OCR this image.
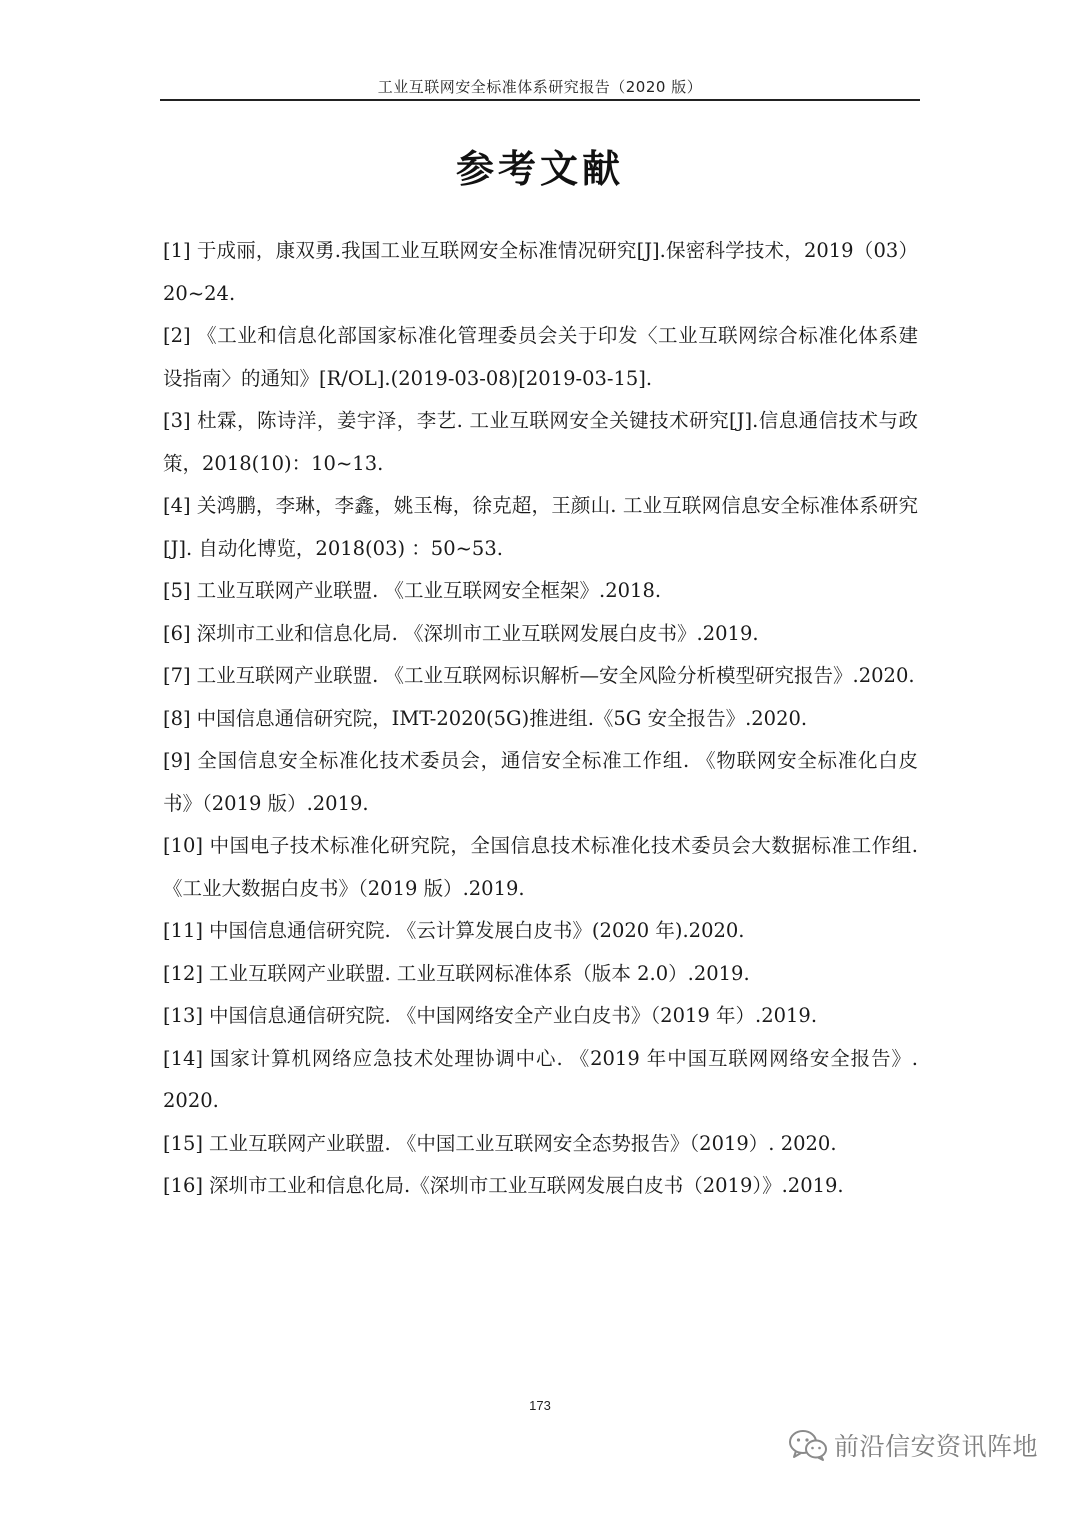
工业互联网安全标准体系研究报告（2020 版）
参考文献
[1] 于成丽，康双勇.我国工业互联网安全标准情况研究[J].保密科学技术，2019（03）20~24.
[2] 《工业和信息化部国家标准化管理委员会关于印发〈工业互联网综合标准化体系建设指南〉的通知》[R/OL].(2019-03-08)[2019-03-15].
[3] 杜霖，陈诗洋，姜宇泽，李艺. 工业互联网安全关键技术研究[J].信息通信技术与政策，2018(10)：10~13.
[4] 关鸿鹏，李琳，李鑫，姚玉梅，徐克超，王颜山. 工业互联网信息安全标准体系研究[J]. 自动化博览，2018(03) ：50~53.
[5] 工业互联网产业联盟. 《工业互联网安全框架》.2018.
[6] 深圳市工业和信息化局. 《深圳市工业互联网发展白皮书》.2019.
[7] 工业互联网产业联盟. 《工业互联网标识解析—安全风险分析模型研究报告》.2020.
[8] 中国信息通信研究院，IMT-2020(5G)推进组.《5G 安全报告》.2020.
[9] 全国信息安全标准化技术委员会，通信安全标准工作组. 《物联网安全标准化白皮书》（2019 版）.2019.
[10] 中国电子技术标准化研究院，全国信息技术标准化技术委员会大数据标准工作组. 《工业大数据白皮书》（2019 版）.2019.
[11] 中国信息通信研究院. 《云计算发展白皮书》(2020 年).2020.
[12] 工业互联网产业联盟. 工业互联网标准体系（版本 2.0）.2019.
[13] 中国信息通信研究院. 《中国网络安全产业白皮书》（2019 年）.2019.
[14] 国家计算机网络应急技术处理协调中心. 《2019 年中国互联网网络安全报告》. 2020.
[15] 工业互联网产业联盟. 《中国工业互联网安全态势报告》（2019）. 2020.
[16] 深圳市工业和信息化局.《深圳市工业互联网发展白皮书（2019）》.2019.
173
前沿信安资讯阵地
